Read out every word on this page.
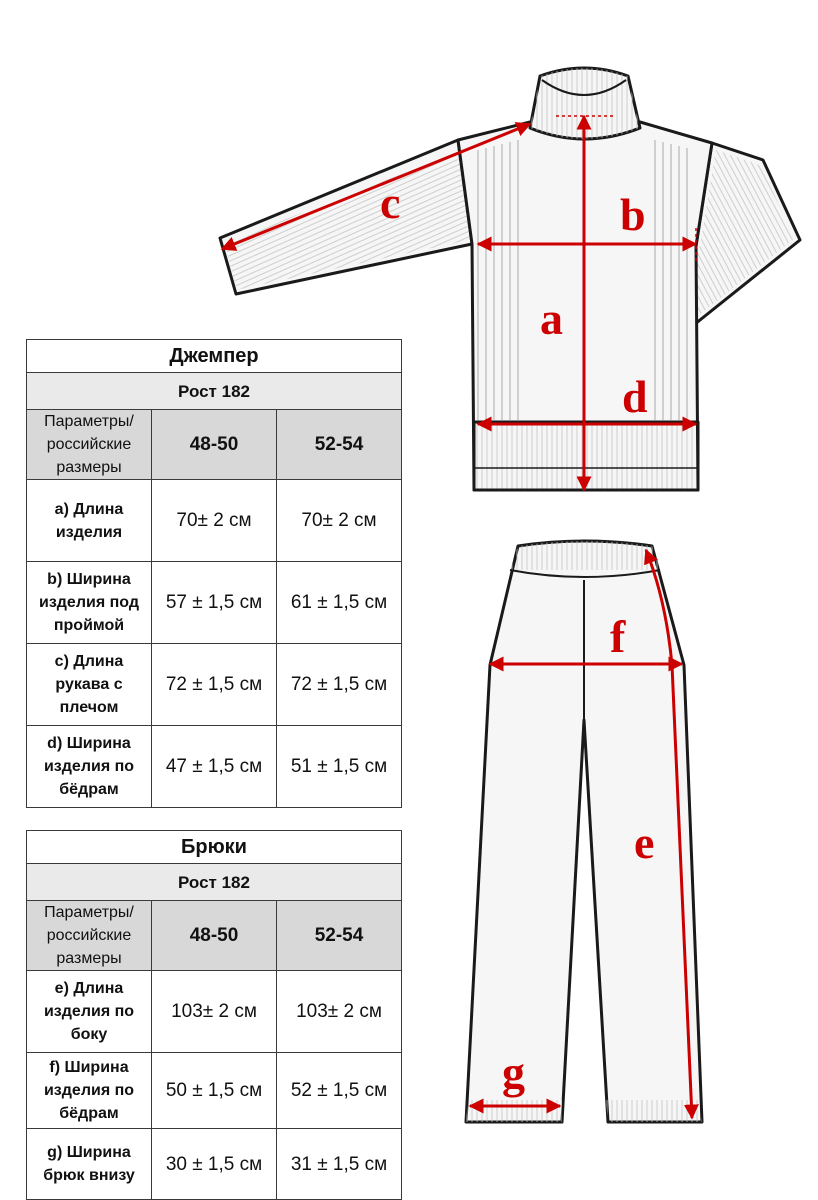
c	b
a
d
f
e
g
Джемпер		
Рост 182		
Параметры/ российские размеры	48-50	52-54
a) Длина изделия	70± 2 см	70± 2 см
b) Ширина изделия под проймой	57 ± 1,5 см	61 ± 1,5 см
c) Длина рукава с плечом	72 ± 1,5 см	72 ± 1,5 см
d) Ширина изделия по бёдрам	47 ± 1,5 см	51 ± 1,5 см
Брюки		
Рост 182		
Параметры/ российские размеры	48-50	52-54
e) Длина изделия по боку	103± 2 см	103± 2 см
f) Ширина изделия по бёдрам	50 ± 1,5 см	52 ± 1,5 см
g) Ширина брюк внизу	30 ± 1,5 см	31 ± 1,5 см
